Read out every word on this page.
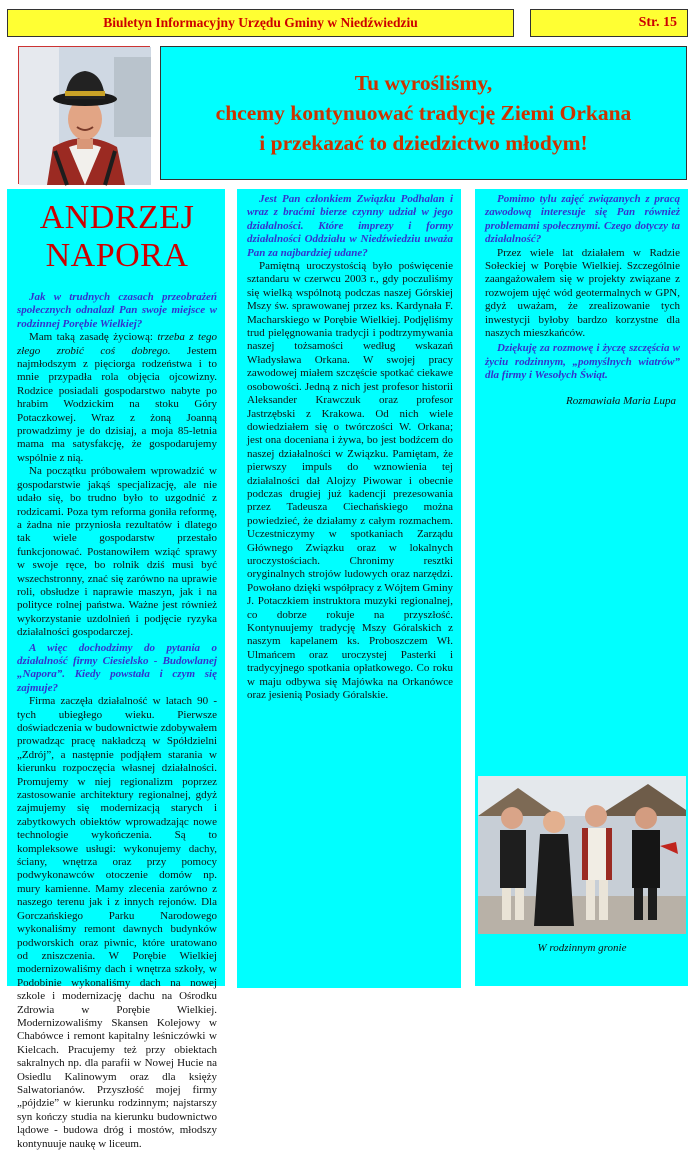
Biuletyn Informacyjny Urzędu Gminy w Niedźwiedziu	Str. 15
Tu wyrośliśmy,
chcemy kontynuować tradycję Ziemi Orkana
i przekazać to dziedzictwo młodym!
ANDRZEJ NAPORA

Jak w trudnych czasach przeobrażeń społecznych odnalazł Pan swoje miejsce w rodzinnej Porębie Wielkiej?

Mam taką zasadę życiową: trzeba z tego złego zrobić coś dobrego. Jestem najmłodszym z pięciorga rodzeństwa i to mnie przypadła rola objęcia ojcowizny. Rodzice posiadali gospodarstwo nabyte po hrabim Wodzickim na stoku Góry Potaczkowej. Wraz z żoną Joanną prowadzimy je do dzisiaj, a moja 85-letnia mama ma satysfakcję, że gospodarujemy wspólnie z nią.

Na początku próbowałem wprowadzić w gospodarstwie jakąś specjalizację, ale nie udało się, bo trudno było to uzgodnić z rodzicami. Poza tym reforma goniła reformę, a żadna nie przyniosła rezultatów i dlatego tak wiele gospodarstw przestało funkcjonować. Postanowiłem wziąć sprawy w swoje ręce, bo rolnik dziś musi być wszechstronny, znać się zarówno na uprawie roli, obsłudze i naprawie maszyn, jak i na polityce rolnej państwa. Ważne jest również wykorzystanie uzdolnień i podjęcie ryzyka działalności gospodarczej.

A więc dochodzimy do pytania o działalność firmy Ciesielsko - Budowlanej „Napora”. Kiedy powstała i czym się zajmuje?

Firma zaczęła działalność w latach 90 - tych ubiegłego wieku. Pierwsze doświadczenia w budownictwie zdobywałem prowadząc pracę nakładczą w Spółdzielni „Zdrój”, a następnie podjąłem starania w kierunku rozpoczęcia własnej działalności. Promujemy w niej regionalizm poprzez zastosowanie architektury regionalnej, gdyż zajmujemy się modernizacją starych i zabytkowych obiektów wprowadzając nowe technologie wykończenia. Są to kompleksowe usługi: wykonujemy dachy, ściany, wnętrza oraz przy pomocy podwykonawców otoczenie domów np. mury kamienne. Mamy zlecenia zarówno z naszego terenu jak i z innych rejonów. Dla Gorczańskiego Parku Narodowego wykonaliśmy remont dawnych budynków podworskich oraz piwnic, które uratowano od zniszczenia. W Porębie Wielkiej modernizowaliśmy dach i wnętrza szkoły, w Podobinie wykonaliśmy dach na nowej szkole i modernizację dachu na Ośrodku Zdrowia w Porębie Wielkiej. Modernizowaliśmy Skansen Kolejowy w Chabówce i remont kapitalny leśniczówki w Kielcach. Pracujemy też przy obiektach sakralnych np. dla parafii w Nowej Hucie na Osiedlu Kalinowym oraz dla księży Salwatorianów. Przyszłość mojej firmy „pójdzie” w kierunku rodzinnym; najstarszy syn kończy studia na kierunku budownictwo lądowe - budowa dróg i mostów, młodszy kontynuuje naukę w liceum.

Jest Pan członkiem Związku Podhalan i wraz z braćmi bierze czynny udział w jego działalności. Które imprezy i formy działalności Oddziału w Niedźwiedziu uważa Pan za najbardziej udane?

Pamiętną uroczystością było poświęcenie sztandaru w czerwcu 2003 r., gdy poczuliśmy się wielką wspólnotą podczas naszej Górskiej Mszy św. sprawowanej przez ks. Kardynała F. Macharskiego w Porębie Wielkiej. Podjęliśmy trud pielęgnowania tradycji i podtrzymywania naszej tożsamości według wskazań Władysława Orkana. W swojej pracy zawodowej miałem szczęście spotkać ciekawe osobowości. Jedną z nich jest profesor historii Aleksander Krawczuk oraz profesor Jastrzębski z Krakowa. Od nich wiele dowiedziałem się o twórczości W. Orkana; jest ona doceniana i żywa, bo jest bodźcem do naszej działalności w Związku. Pamiętam, że pierwszy impuls do wznowienia tej działalności dał Alojzy Piwowar i obecnie podczas drugiej już kadencji prezesowania przez Tadeusza Ciechańskiego można powiedzieć, że działamy z całym rozmachem. Uczestniczymy w spotkaniach Zarządu Głównego Związku oraz w lokalnych uroczystościach. Chronimy resztki oryginalnych strojów ludowych oraz narzędzi. Powołano dzięki współpracy z Wójtem Gminy J. Potaczkiem instruktora muzyki regionalnej, co dobrze rokuje na przyszłość. Kontynuujemy tradycję Mszy Góralskich z naszym kapelanem ks. Proboszczem Wł. Ulmańcem oraz uroczystej Pasterki i tradycyjnego spotkania opłatkowego. Co roku w maju odbywa się Majówka na Orkanówce oraz jesienią Posiady Góralskie.

Pomimo tylu zajęć związanych z pracą zawodową interesuje się Pan również problemami społecznymi. Czego dotyczy ta działalność?

Przez wiele lat działałem w Radzie Sołeckiej w Porębie Wielkiej. Szczególnie zaangażowałem się w projekty związane z rozwojem ujęć wód geotermalnych w GPN, gdyż uważam, że zrealizowanie tych inwestycji byłoby bardzo korzystne dla naszych mieszkańców.

Dziękuję za rozmowę i życzę szczęścia w życiu rodzinnym, „pomyślnych wiatrów” dla firmy i Wesołych Świąt.

Rozmawiała Maria Lupa
W rodzinnym gronie
